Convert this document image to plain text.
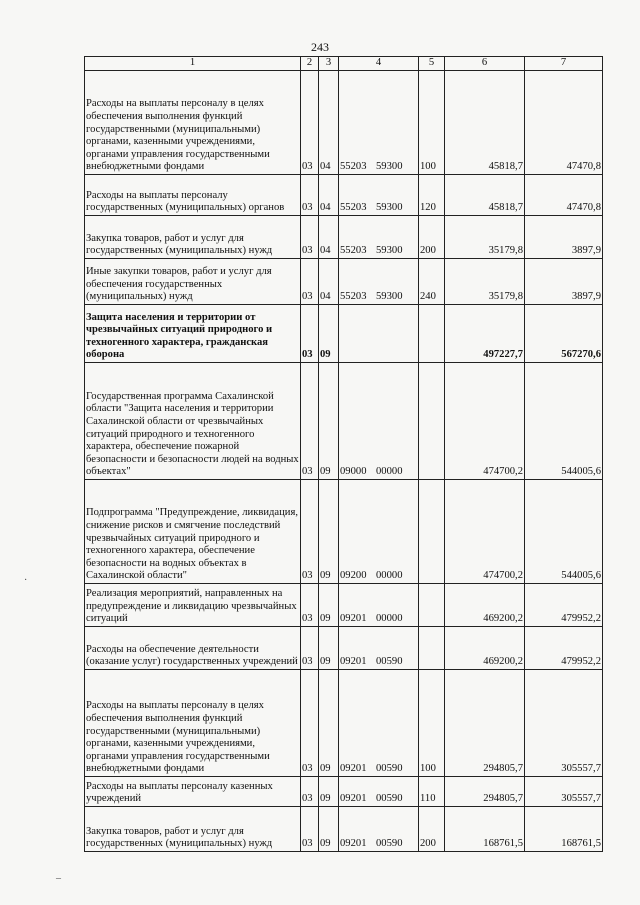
243
1	2	3	4	5	6	7
Расходы на выплаты персоналу в целях обеспечения выполнения функций государственными (муниципальными) органами, казенными учреждениями, органами управления государственными внебюджетными фондами	03	04	55203 59300	100	45818,7	47470,8
Расходы на выплаты персоналу государственных (муниципальных) органов	03	04	55203 59300	120	45818,7	47470,8
Закупка товаров, работ и услуг для государственных (муниципальных) нужд	03	04	55203 59300	200	35179,8	3897,9
Иные закупки товаров, работ и услуг для обеспечения государственных (муниципальных) нужд	03	04	55203 59300	240	35179,8	3897,9
Защита населения и территории от чрезвычайных ситуаций природного и техногенного характера, гражданская оборона	03	09			497227,7	567270,6
Государственная программа Сахалинской области "Защита населения и территории Сахалинской области от чрезвычайных ситуаций природного и техногенного характера, обеспечение пожарной безопасности и безопасности людей на водных объектах"	03	09	09000 00000		474700,2	544005,6
Подпрограмма "Предупреждение, ликвидация, снижение рисков и смягчение последствий чрезвычайных ситуаций природного и техногенного характера, обеспечение безопасности на водных объектах в Сахалинской области"	03	09	09200 00000		474700,2	544005,6
Реализация мероприятий, направленных на предупреждение и ликвидацию чрезвычайных ситуаций	03	09	09201 00000		469200,2	479952,2
Расходы на обеспечение деятельности (оказание услуг) государственных учреждений	03	09	09201 00590		469200,2	479952,2
Расходы на выплаты персоналу в целях обеспечения выполнения функций государственными (муниципальными) органами, казенными учреждениями, органами управления государственными внебюджетными фондами	03	09	09201 00590	100	294805,7	305557,7
Расходы на выплаты персоналу казенных учреждений	03	09	09201 00590	110	294805,7	305557,7
Закупка товаров, работ и услуг для государственных (муниципальных) нужд	03	09	09201 00590	200	168761,5	168761,5
·
–
